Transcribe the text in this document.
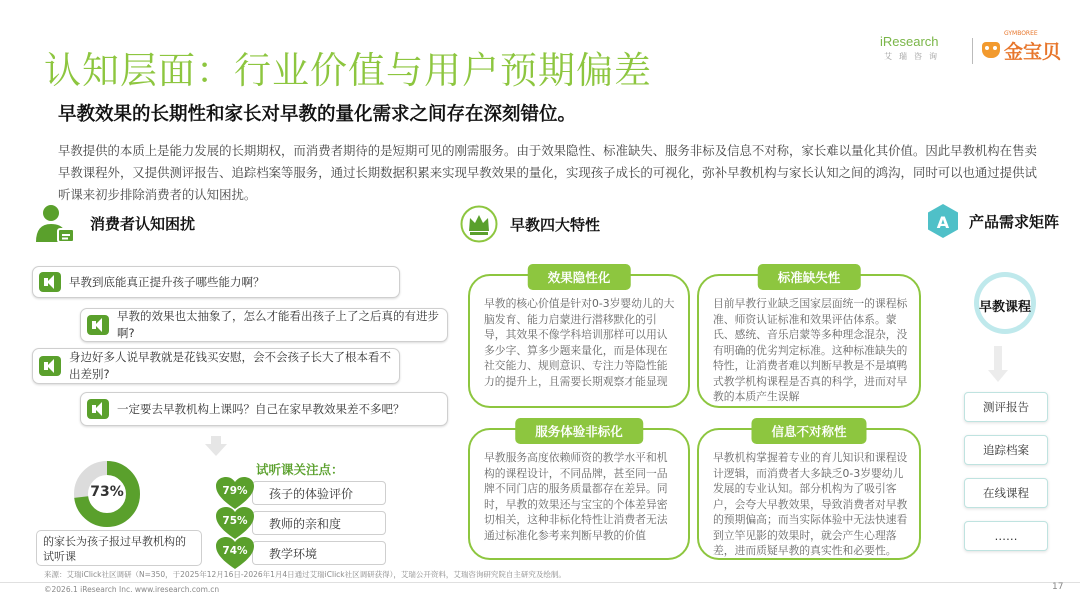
认知层面：行业价值与用户预期偏差
iResearch
艾瑞咨询
GYMBOREE
金宝贝
早教效果的长期性和家长对早教的量化需求之间存在深刻错位。
早教提供的本质上是能力发展的长期期权，而消费者期待的是短期可见的刚需服务。由于效果隐性、标准缺失、服务非标及信息不对称，家长难以量化其价值。因此早教机构在售卖早教课程外，又提供测评报告、追踪档案等服务，通过长期数据积累来实现早教效果的量化，实现孩子成长的可视化，弥补早教机构与家长认知之间的鸿沟，同时可以也通过提供试听课来初步排除消费者的认知困扰。
消费者认知困扰	早教四大特性	A 产品需求矩阵
早教到底能真正提升孩子哪些能力啊？
早教的效果也太抽象了，怎么才能看出孩子上了之后真的有进步啊?
身边好多人说早教就是花钱买安慰，会不会孩子长大了根本看不出差别?
一定要去早教机构上课吗？自己在家早教效果差不多吧？
73%
的家长为孩子报过早教机构的试听课
试听课关注点：
孩子的体验评价
79%
教师的亲和度
75%
教学环境
74%
效果隐性化
早教的核心价值是针对0-3岁婴幼儿的大脑发育、能力启蒙进行潜移默化的引导，其效果不像学科培训那样可以用认多少字、算多少题来量化，而是体现在社交能力、规则意识、专注力等隐性能力的提升上，且需要长期观察才能显现
标准缺失性
目前早教行业缺乏国家层面统一的课程标准、师资认证标准和效果评估体系。蒙氏、感统、音乐启蒙等多种理念混杂，没有明确的优劣判定标准。这种标准缺失的特性，让消费者难以判断早教是不是填鸭式教学机构课程是否真的科学，进而对早教的本质产生误解
服务体验非标化
早教服务高度依赖师资的教学水平和机构的课程设计，不同品牌，甚至同一品牌不同门店的服务质量都存在差异。同时，早教的效果还与宝宝的个体差异密切相关，这种非标化特性让消费者无法通过标准化参考来判断早教的价值
信息不对称性
早教机构掌握着专业的育儿知识和课程设计逻辑，而消费者大多缺乏0-3岁婴幼儿发展的专业认知。部分机构为了吸引客户，会夸大早教效果，导致消费者对早教的预期偏高；而当实际体验中无法快速看到立竿见影的效果时，就会产生心理落差，进而质疑早教的真实性和必要性。
早教课程
测评报告
追踪档案
在线课程
……
来源：艾瑞iClick社区调研（N=350，于2025年12月16日-2026年1月4日通过艾瑞iClick社区调研获得），艾瑞公开资料，艾瑞咨询研究院自主研究及绘制。
©2026.1 iResearch Inc. www.iresearch.com.cn	17
